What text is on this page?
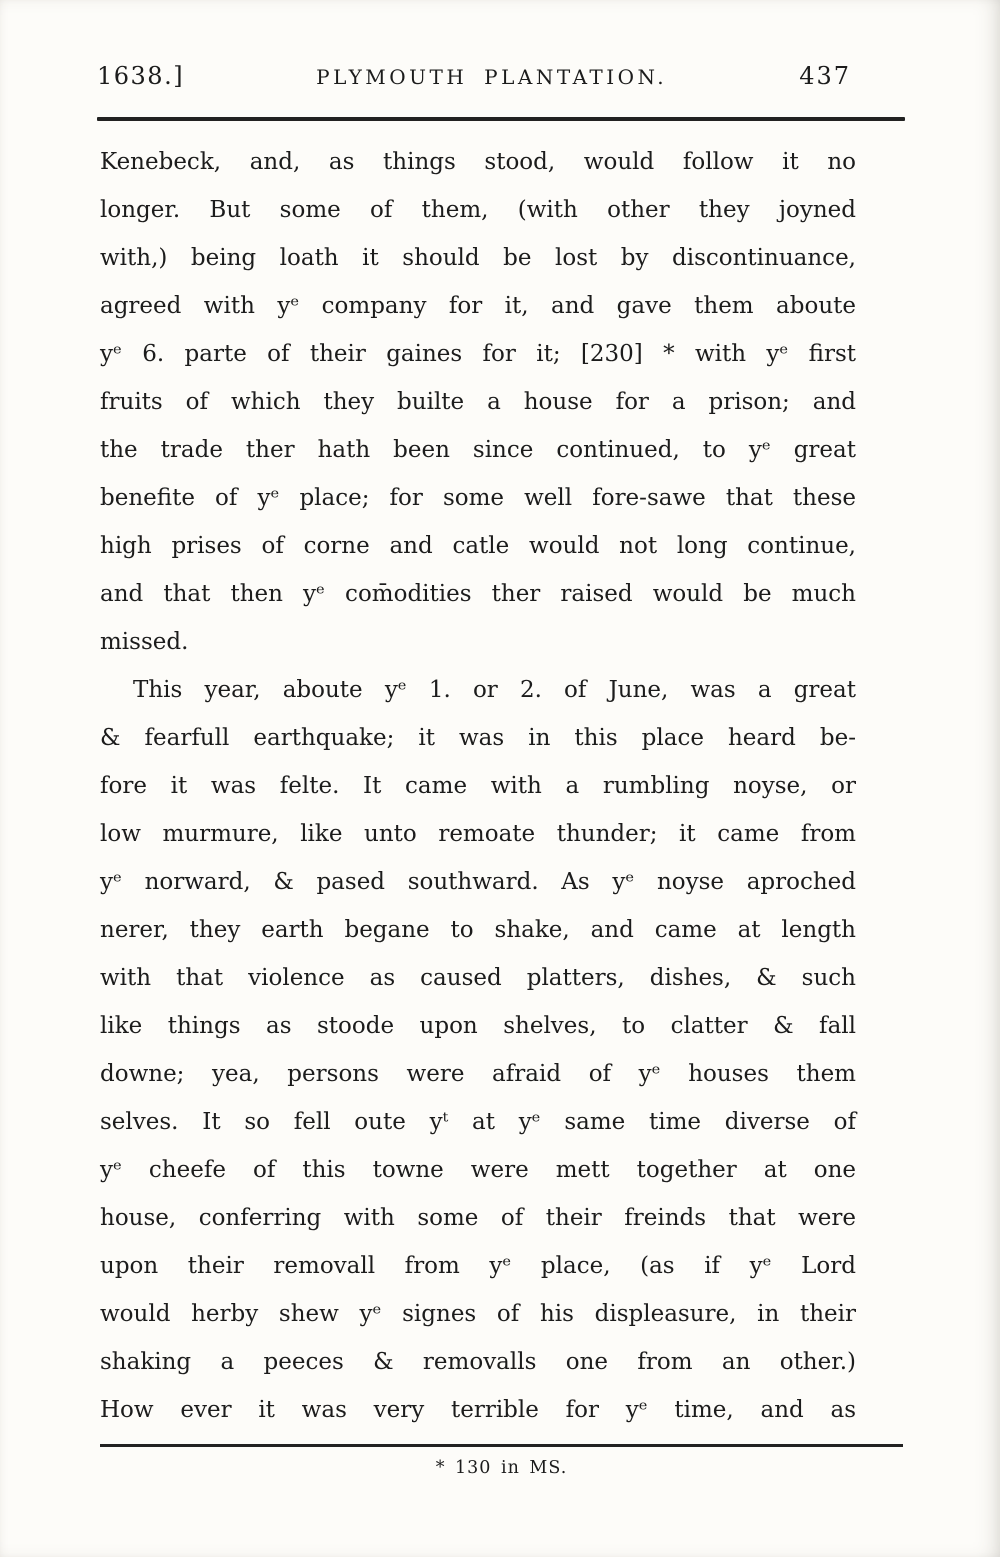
1638.]	PLYMOUTH PLANTATION.	437

Kenebeck, and, as things stood, would follow it no
longer. But some of them, (with other they joyned
with,) being loath it should be lost by discontinuance,
agreed with yᵉ company for it, and gave them aboute
yᵉ 6. parte of their gaines for it; [230] * with yᵉ first
fruits of which they builte a house for a prison; and
the trade ther hath been since continued, to yᵉ great
benefite of yᵉ place; for some well fore-sawe that these
high prises of corne and catle would not long continue,
and that then yᵉ com̄odities ther raised would be much
missed.

This year, aboute yᵉ 1. or 2. of June, was a great
& fearfull earthquake; it was in this place heard be-
fore it was felte. It came with a rumbling noyse, or
low murmure, like unto remoate thunder; it came from
yᵉ norward, & pased southward. As yᵉ noyse aproched
nerer, they earth begane to shake, and came at length
with that violence as caused platters, dishes, & such
like things as stoode upon shelves, to clatter & fall
downe; yea, persons were afraid of yᵉ houses them
selves. It so fell oute yᵗ at yᵉ same time diverse of
yᵉ cheefe of this towne were mett together at one
house, conferring with some of their freinds that were
upon their removall from yᵉ place, (as if yᵉ Lord
would herby shew yᵉ signes of his displeasure, in their
shaking a peeces & removalls one from an other.)
How ever it was very terrible for yᵉ time, and as

* 130 in MS.
